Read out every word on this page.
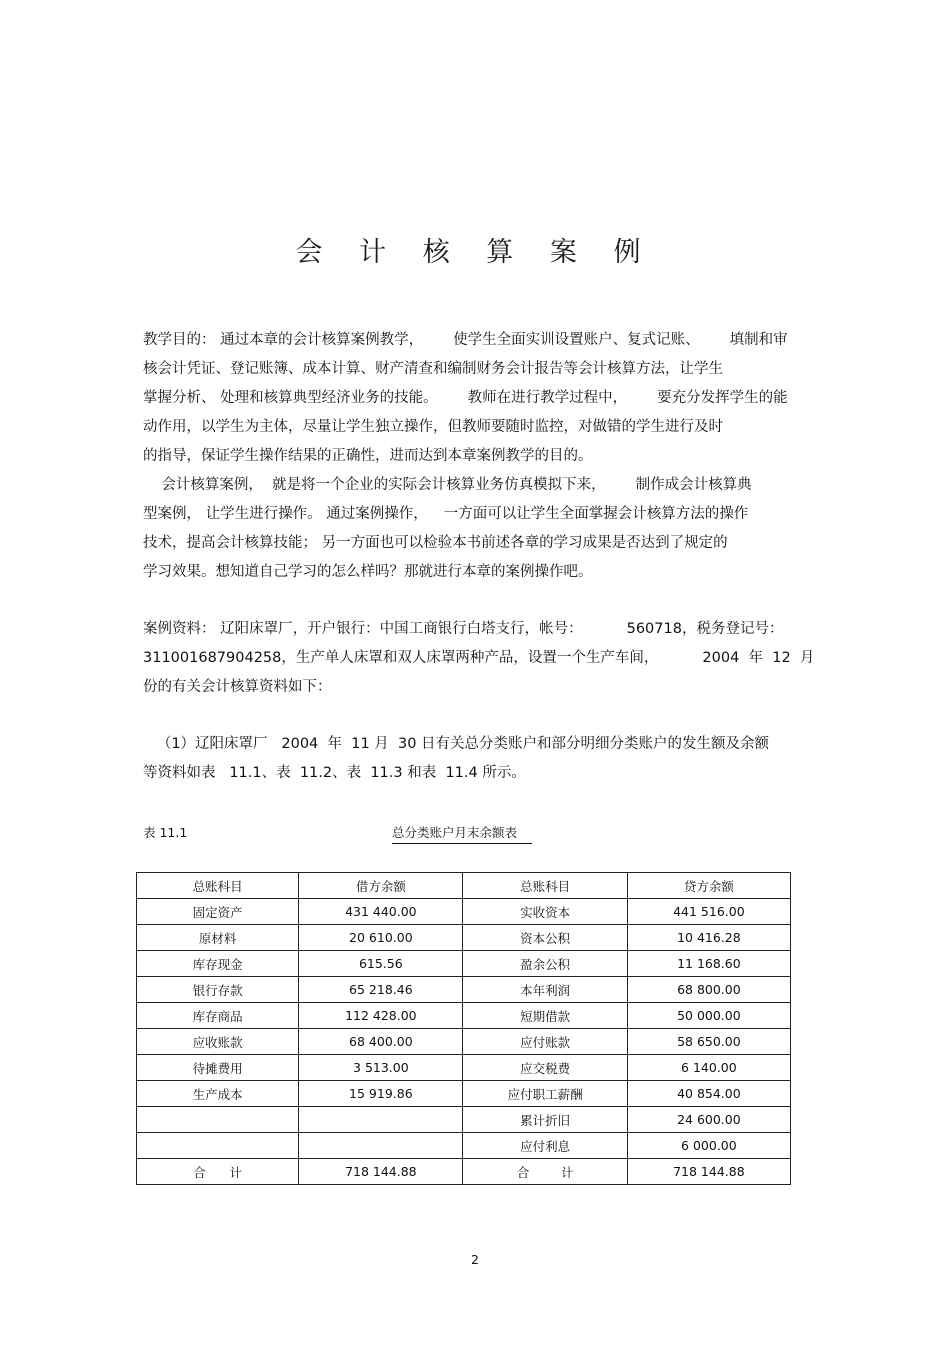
会 计 核 算 案 例
教学目的： 通过本章的会计核算案例教学， 使学生全面实训设置账户、复式记账、 填制和审
核会计凭证、登记账簿、成本计算、财产清查和编制财务会计报告等会计核算方法，让学生
掌握分析、 处理和核算典型经济业务的技能。 教师在进行教学过程中， 要充分发挥学生的能
动作用，以学生为主体，尽量让学生独立操作，但教师要随时监控，对做错的学生进行及时
的指导，保证学生操作结果的正确性，进而达到本章案例教学的目的。
会计核算案例，  就是将一个企业的实际会计核算业务仿真模拟下来， 制作成会计核算典
型案例， 让学生进行操作。 通过案例操作， 一方面可以让学生全面掌握会计核算方法的操作
技术，提高会计核算技能； 另一方面也可以检验本书前述各章的学习成果是否达到了规定的
学习效果。想知道自己学习的怎么样吗？那就进行本章的案例操作吧。
案例资料： 辽阳床罩厂，开户银行：中国工商银行白塔支行，帐号：	560718，税务登记号：
311001687904258，生产单人床罩和双人床罩两种产品，设置一个生产车间，	2004  年  12  月
份的有关会计核算资料如下：
（1）辽阳床罩厂   2004  年  11 月  30 日有关总分类账户和部分明细分类账户的发生额及余额
等资料如表   11.1、表  11.2、表  11.3 和表  11.4 所示。
表 11.1	总分类账户月末余额表
总账科目	借方余额	总账科目	贷方余额
固定资产	431 440.00	实收资本	441 516.00
原材料	20 610.00	资本公积	10 416.28
库存现金	615.56	盈余公积	11 168.60
银行存款	65 218.46	本年利润	68 800.00
库存商品	112 428.00	短期借款	50 000.00
应收账款	68 400.00	应付账款	58 650.00
待摊费用	3 513.00	应交税费	6 140.00
生产成本	15 919.86	应付职工薪酬	40 854.00
		累计折旧	24 600.00
		应付利息	6 000.00
合      计	718 144.88	合        计	718 144.88
2
